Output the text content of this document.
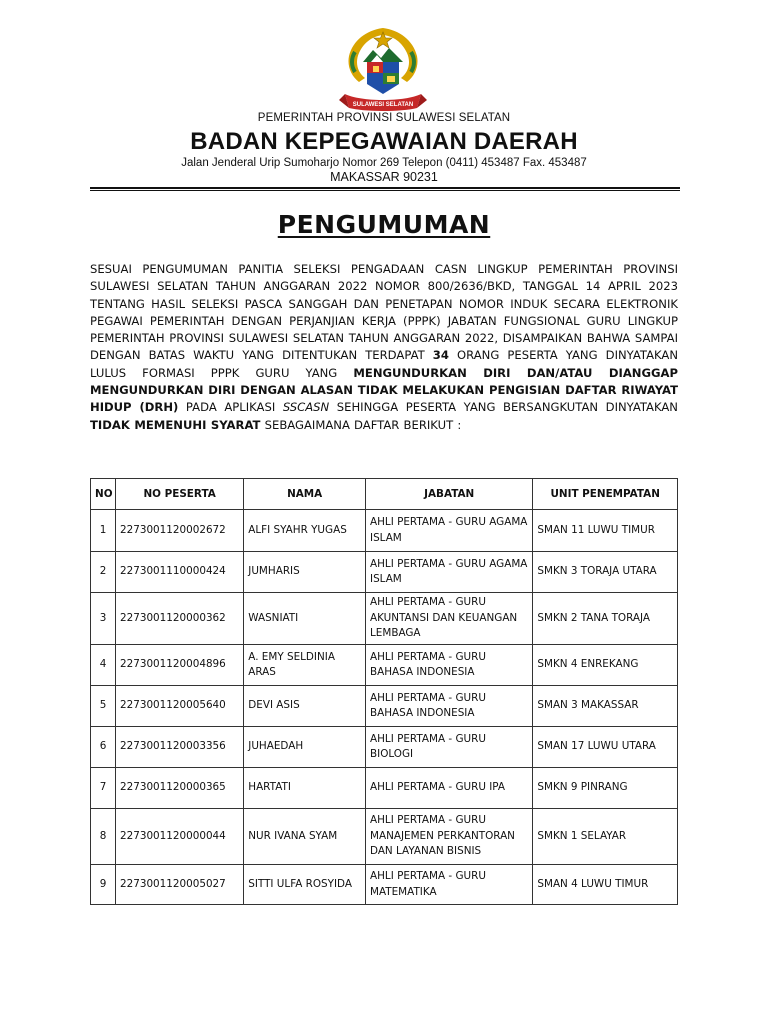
SULAWESI SELATAN
PEMERINTAH PROVINSI SULAWESI SELATAN
BADAN KEPEGAWAIAN DAERAH
Jalan Jenderal Urip Sumoharjo Nomor 269 Telepon (0411) 453487 Fax. 453487
MAKASSAR 90231
PENGUMUMAN
SESUAI PENGUMUMAN PANITIA SELEKSI PENGADAAN CASN LINGKUP PEMERINTAH PROVINSI SULAWESI SELATAN TAHUN ANGGARAN 2022 NOMOR 800/2636/BKD, TANGGAL 14 APRIL 2023 TENTANG HASIL SELEKSI PASCA SANGGAH DAN PENETAPAN NOMOR INDUK SECARA ELEKTRONIK PEGAWAI PEMERINTAH DENGAN PERJANJIAN KERJA (PPPK) JABATAN FUNGSIONAL GURU LINGKUP PEMERINTAH PROVINSI SULAWESI SELATAN TAHUN ANGGARAN 2022, DISAMPAIKAN BAHWA SAMPAI DENGAN BATAS WAKTU YANG DITENTUKAN TERDAPAT 34 ORANG PESERTA YANG DINYATAKAN LULUS FORMASI PPPK GURU YANG MENGUNDURKAN DIRI DAN/ATAU DIANGGAP MENGUNDURKAN DIRI DENGAN ALASAN TIDAK MELAKUKAN PENGISIAN DAFTAR RIWAYAT HIDUP (DRH) PADA APLIKASI SSCASN SEHINGGA PESERTA YANG BERSANGKUTAN DINYATAKAN TIDAK MEMENUHI SYARAT SEBAGAIMANA DAFTAR BERIKUT :
NO	NO PESERTA	NAMA	JABATAN	UNIT PENEMPATAN
1	2273001120002672	ALFI SYAHR YUGAS	AHLI PERTAMA - GURU AGAMA ISLAM	SMAN 11 LUWU TIMUR
2	2273001110000424	JUMHARIS	AHLI PERTAMA - GURU AGAMA ISLAM	SMKN 3 TORAJA UTARA
3	2273001120000362	WASNIATI	AHLI PERTAMA - GURU AKUNTANSI DAN KEUANGAN LEMBAGA	SMKN 2 TANA TORAJA
4	2273001120004896	A. EMY SELDINIA ARAS	AHLI PERTAMA - GURU BAHASA INDONESIA	SMKN 4 ENREKANG
5	2273001120005640	DEVI ASIS	AHLI PERTAMA - GURU BAHASA INDONESIA	SMAN 3 MAKASSAR
6	2273001120003356	JUHAEDAH	AHLI PERTAMA - GURU BIOLOGI	SMAN 17 LUWU UTARA
7	2273001120000365	HARTATI	AHLI PERTAMA - GURU IPA	SMKN 9 PINRANG
8	2273001120000044	NUR IVANA SYAM	AHLI PERTAMA - GURU MANAJEMEN PERKANTORAN DAN LAYANAN BISNIS	SMKN 1 SELAYAR
9	2273001120005027	SITTI ULFA ROSYIDA	AHLI PERTAMA - GURU MATEMATIKA	SMAN 4 LUWU TIMUR
